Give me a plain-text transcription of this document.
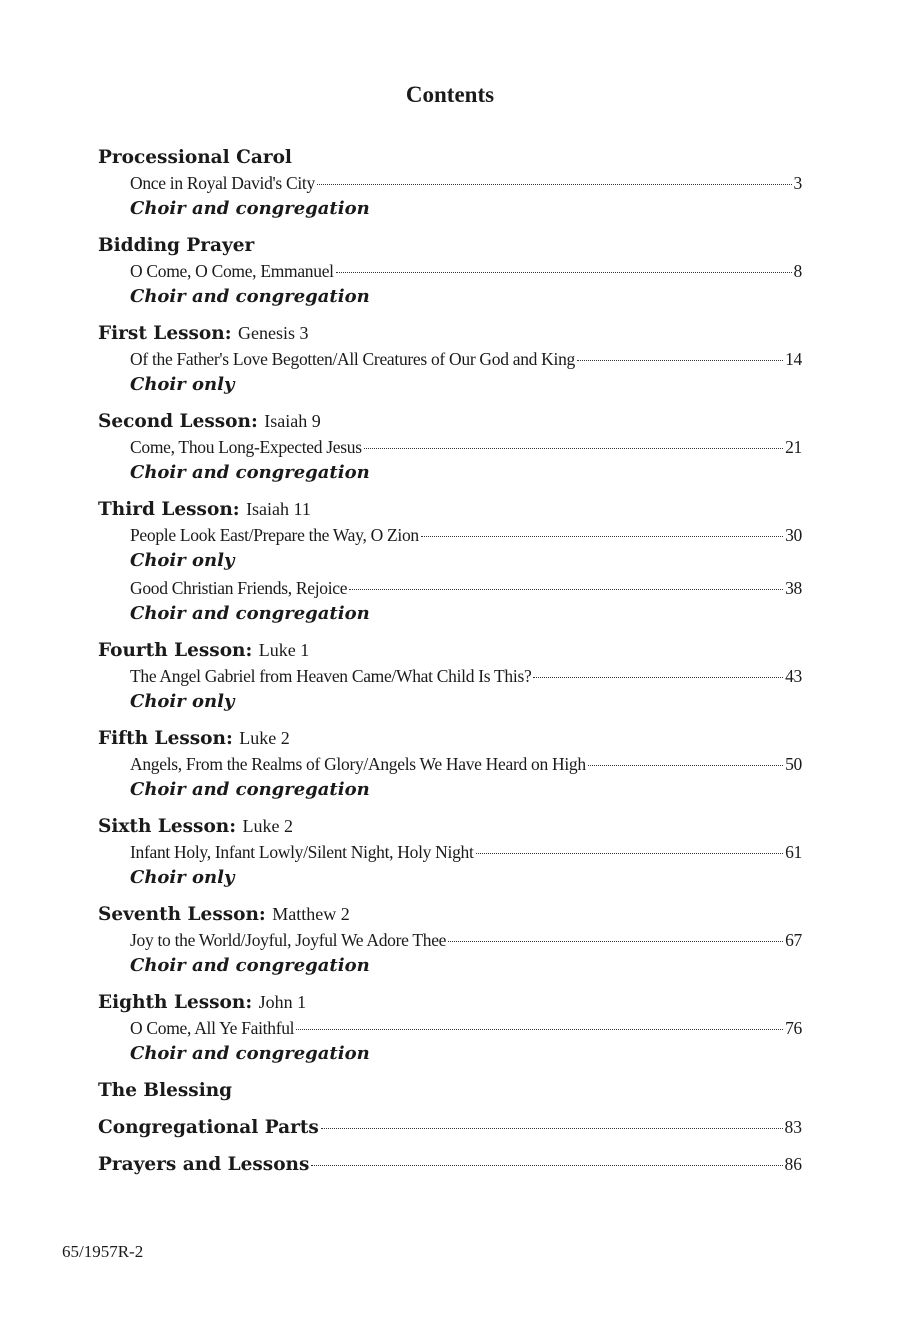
Contents
Processional Carol
Once in Royal David's City	3
Choir and congregation
Bidding Prayer
O Come, O Come, Emmanuel	8
Choir and congregation
First Lesson: Genesis 3
Of the Father's Love Begotten/All Creatures of Our God and King	14
Choir only
Second Lesson: Isaiah 9
Come, Thou Long-Expected Jesus	21
Choir and congregation
Third Lesson: Isaiah 11
People Look East/Prepare the Way, O Zion	30
Choir only
Good Christian Friends, Rejoice	38
Choir and congregation
Fourth Lesson: Luke 1
The Angel Gabriel from Heaven Came/What Child Is This?	43
Choir only
Fifth Lesson: Luke 2
Angels, From the Realms of Glory/Angels We Have Heard on High	50
Choir and congregation
Sixth Lesson: Luke 2
Infant Holy, Infant Lowly/Silent Night, Holy Night	61
Choir only
Seventh Lesson: Matthew 2
Joy to the World/Joyful, Joyful We Adore Thee	67
Choir and congregation
Eighth Lesson: John 1
O Come, All Ye Faithful	76
Choir and congregation
The Blessing
Congregational Parts	83
Prayers and Lessons	86
65/1957R-2
